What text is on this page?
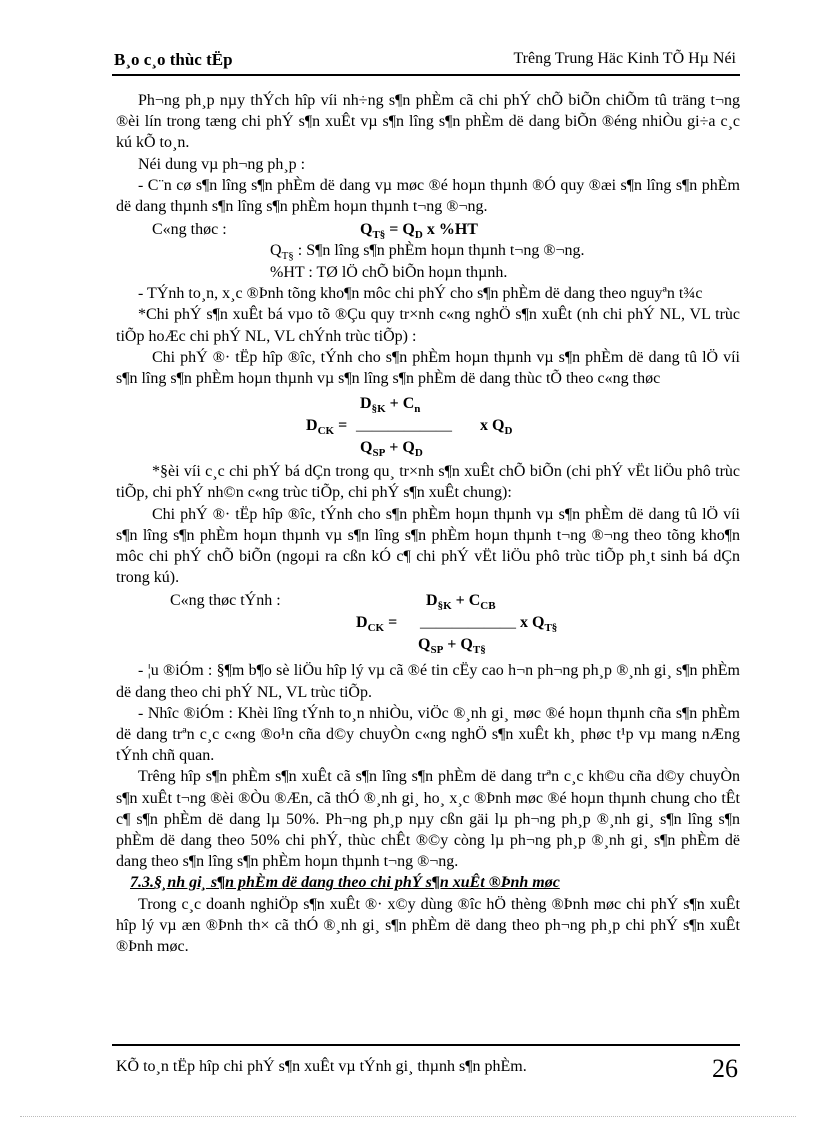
B¸o c¸o thùc tËp	Trêng Trung Häc Kinh TÕ Hµ Néi

Ph¬ng ph¸p nµy thÝch hîp víi nh÷ng s¶n phÈm cã chi phÝ chÕ biÕn chiÕm tû träng t¬ng ®èi lín trong tæng chi phÝ s¶n xuÊt vµ s¶n lîng s¶n phÈm dë dang biÕn ®éng nhiÒu gi÷a c¸c kú kÕ to¸n.

Néi dung vµ ph¬ng ph¸p :

- C¨n cø s¶n lîng s¶n phÈm dë dang vµ møc ®é hoµn thµnh ®Ó quy ®æi s¶n lîng s¶n phÈm dë dang thµnh s¶n lîng s¶n phÈm hoµn thµnh t¬ng ®¬ng.

C«ng thøc :	$Q_{T\S} = Q_D$ x %HT
$Q_{T\S}$ : S¶n lîng s¶n phÈm hoµn thµnh t¬ng ®¬ng.
%HT : TØ lÖ chÕ biÕn hoµn thµnh.

- TÝnh to¸n, x¸c ®Þnh tõng kho¶n môc chi phÝ cho s¶n phÈm dë dang theo nguyªn t¾c

*Chi phÝ s¶n xuÊt bá vµo tõ ®Çu quy tr×nh c«ng nghÖ s¶n xuÊt (nh chi phÝ NL, VL trùc tiÕp hoÆc chi phÝ NL, VL chÝnh trùc tiÕp) :

Chi phÝ ®· tËp hîp ®îc, tÝnh cho s¶n phÈm hoµn thµnh vµ s¶n phÈm dë dang tû lÖ víi s¶n lîng s¶n phÈm hoµn thµnh vµ s¶n lîng s¶n phÈm dë dang thùc tÕ theo c«ng thøc

$D_{\S K} + C_n$
——————
$D_{CK}$ =	x $Q_D$
$Q_{SP} + Q_D$

*§èi víi c¸c chi phÝ bá dÇn trong qu¸ tr×nh s¶n xuÊt chÕ biÕn (chi phÝ vËt liÖu phô trùc tiÕp, chi phÝ nh©n c«ng trùc tiÕp, chi phÝ s¶n xuÊt chung):

Chi phÝ ®· tËp hîp ®îc, tÝnh cho s¶n phÈm hoµn thµnh vµ s¶n phÈm dë dang tû lÖ víi s¶n lîng s¶n phÈm hoµn thµnh vµ s¶n lîng s¶n phÈm hoµn thµnh t¬ng ®¬ng theo tõng kho¶n môc chi phÝ chÕ biÕn (ngoµi ra cßn kÓ c¶ chi phÝ vËt liÖu phô trùc tiÕp ph¸t sinh bá dÇn trong kú).

C«ng thøc tÝnh :	$D_{\S K} + C_{CB}$
——————
$D_{CK}$ =	x $Q_{T\S}$
$Q_{SP} + Q_{T\S}$

- ¦u ®iÓm : §¶m b¶o sè liÖu hîp lý vµ cã ®é tin cËy cao h¬n ph¬ng ph¸p ®¸nh gi¸ s¶n phÈm dë dang theo chi phÝ NL, VL trùc tiÕp.

- Nhîc ®iÓm : Khèi lîng tÝnh to¸n nhiÒu, viÖc ®¸nh gi¸ møc ®é hoµn thµnh cña s¶n phÈm dë dang trªn c¸c c«ng ®o¹n cña d©y chuyÒn c«ng nghÖ s¶n xuÊt kh¸ phøc t¹p vµ mang nÆng tÝnh chñ quan.

Trêng hîp s¶n phÈm s¶n xuÊt cã s¶n lîng s¶n phÈm dë dang trªn c¸c kh©u cña d©y chuyÒn s¶n xuÊt t¬ng ®èi ®Òu ®Æn, cã thÓ ®¸nh gi¸ ho¸ x¸c ®Þnh møc ®é hoµn thµnh chung cho tÊt c¶ s¶n phÈm dë dang lµ 50%. Ph¬ng ph¸p nµy cßn gäi lµ ph¬ng ph¸p ®¸nh gi¸ s¶n lîng s¶n phÈm dë dang theo 50% chi phÝ, thùc chÊt ®©y còng lµ ph¬ng ph¸p ®¸nh gi¸ s¶n phÈm dë dang theo s¶n lîng s¶n phÈm hoµn thµnh t¬ng ®¬ng.

7.3.§¸nh gi¸ s¶n phÈm dë dang theo chi phÝ s¶n xuÊt ®Þnh møc

Trong c¸c doanh nghiÖp s¶n xuÊt ®· x©y dùng ®îc hÖ thèng ®Þnh møc chi phÝ s¶n xuÊt hîp lý vµ æn ®Þnh th× cã thÓ ®¸nh gi¸ s¶n phÈm dë dang theo ph¬ng ph¸p chi phÝ s¶n xuÊt ®Þnh møc.

KÕ to¸n tËp hîp chi phÝ s¶n xuÊt vµ tÝnh gi¸ thµnh s¶n phÈm.	26
